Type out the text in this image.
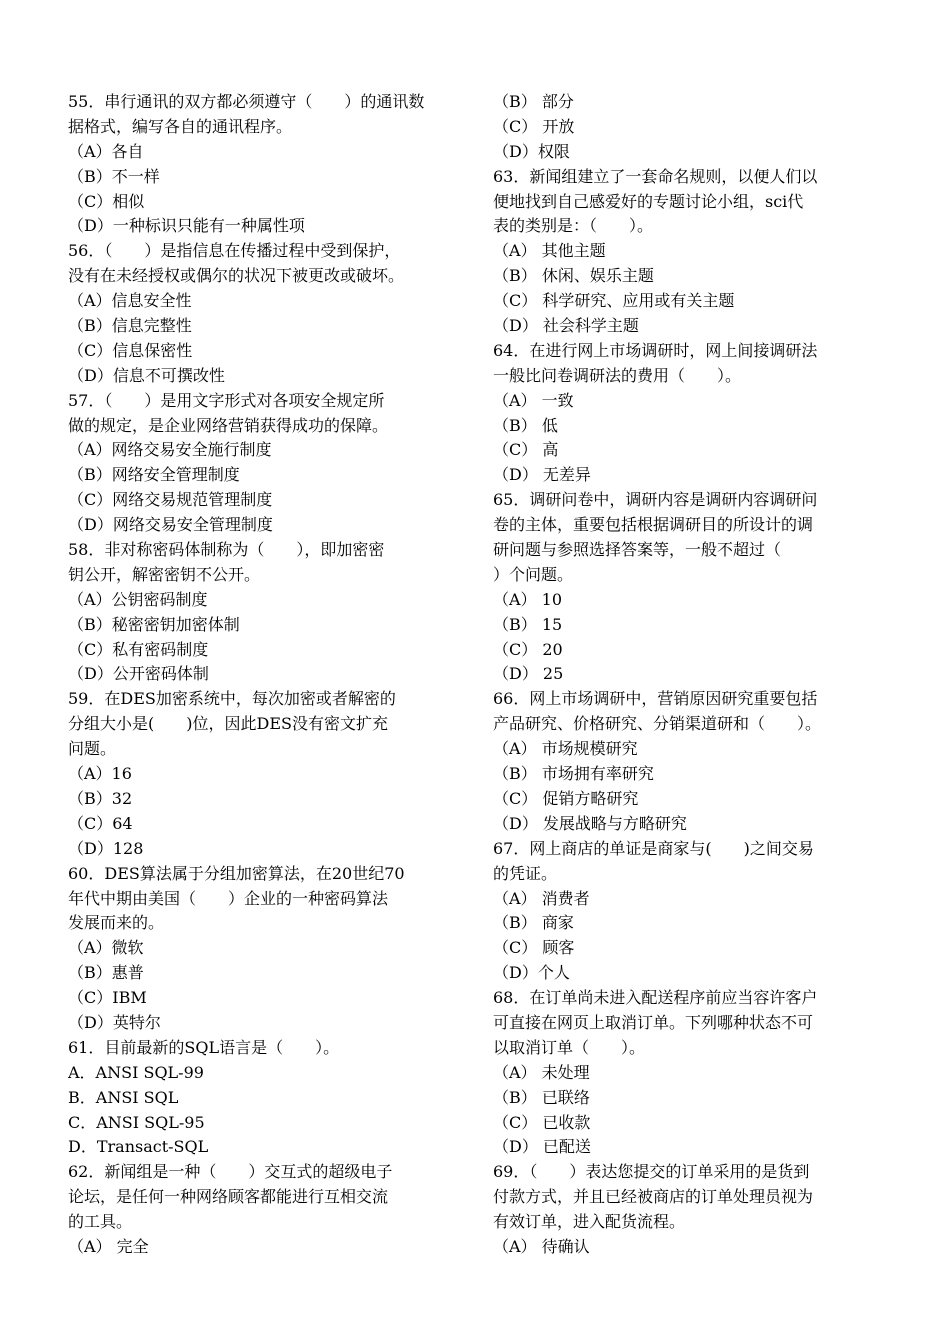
55．串行通讯的双方都必须遵守（　　）的通讯数
据格式，编写各自的通讯程序。
（A）各自
（B）不一样
（C）相似
（D）一种标识只能有一种属性项
56．（　　）是指信息在传播过程中受到保护，
没有在未经授权或偶尔的状况下被更改或破坏。
（A）信息安全性
（B）信息完整性
（C）信息保密性
（D）信息不可撰改性
57．（　　）是用文字形式对各项安全规定所
做的规定，是企业网络营销获得成功的保障。
（A）网络交易安全施行制度
（B）网络安全管理制度
（C）网络交易规范管理制度
（D）网络交易安全管理制度
58．非对称密码体制称为（　　），即加密密
钥公开，解密密钥不公开。
（A）公钥密码制度
（B）秘密密钥加密体制
（C）私有密码制度
（D）公开密码体制
59．在DES加密系统中，每次加密或者解密的
分组大小是(　　)位，因此DES没有密文扩充
问题。
（A）16
（B）32
（C）64
（D）128
60．DES算法属于分组加密算法，在20世纪70
年代中期由美国（　　）企业的一种密码算法
发展而来的。
（A）微软
（B）惠普
（C）IBM
（D）英特尔
61．目前最新的SQL语言是（　　）。
A．ANSI SQL-99
B．ANSI SQL
C．ANSI SQL-95
D．Transact-SQL
62．新闻组是一种（　　）交互式的超级电子
论坛，是任何一种网络顾客都能进行互相交流
的工具。
（A） 完全
（B） 部分
（C） 开放
（D）权限
63．新闻组建立了一套命名规则，以便人们以
便地找到自己感爱好的专题讨论小组，sci代
表的类别是：（　　）。
（A） 其他主题
（B） 休闲、娱乐主题
（C） 科学研究、应用或有关主题
（D） 社会科学主题
64．在进行网上市场调研时，网上间接调研法
一般比问卷调研法的费用（　　）。
（A） 一致
（B） 低
（C） 高
（D） 无差异
65．调研问卷中，调研内容是调研内容调研问
卷的主体，重要包括根据调研目的所设计的调
研问题与参照选择答案等，一般不超过（
）个问题。
（A） 10
（B） 15
（C） 20
（D） 25
66．网上市场调研中，营销原因研究重要包括
产品研究、价格研究、分销渠道研和（　　）。
（A） 市场规模研究
（B） 市场拥有率研究
（C） 促销方略研究
（D） 发展战略与方略研究
67．网上商店的单证是商家与(　　)之间交易
的凭证。
（A） 消费者
（B） 商家
（C） 顾客
（D）个人
68．在订单尚未进入配送程序前应当容许客户
可直接在网页上取消订单。下列哪种状态不可
以取消订单（　　）。
（A） 未处理
（B） 已联络
（C） 已收款
（D） 已配送
69．（　　）表达您提交的订单采用的是货到
付款方式，并且已经被商店的订单处理员视为
有效订单，进入配货流程。
（A） 待确认
